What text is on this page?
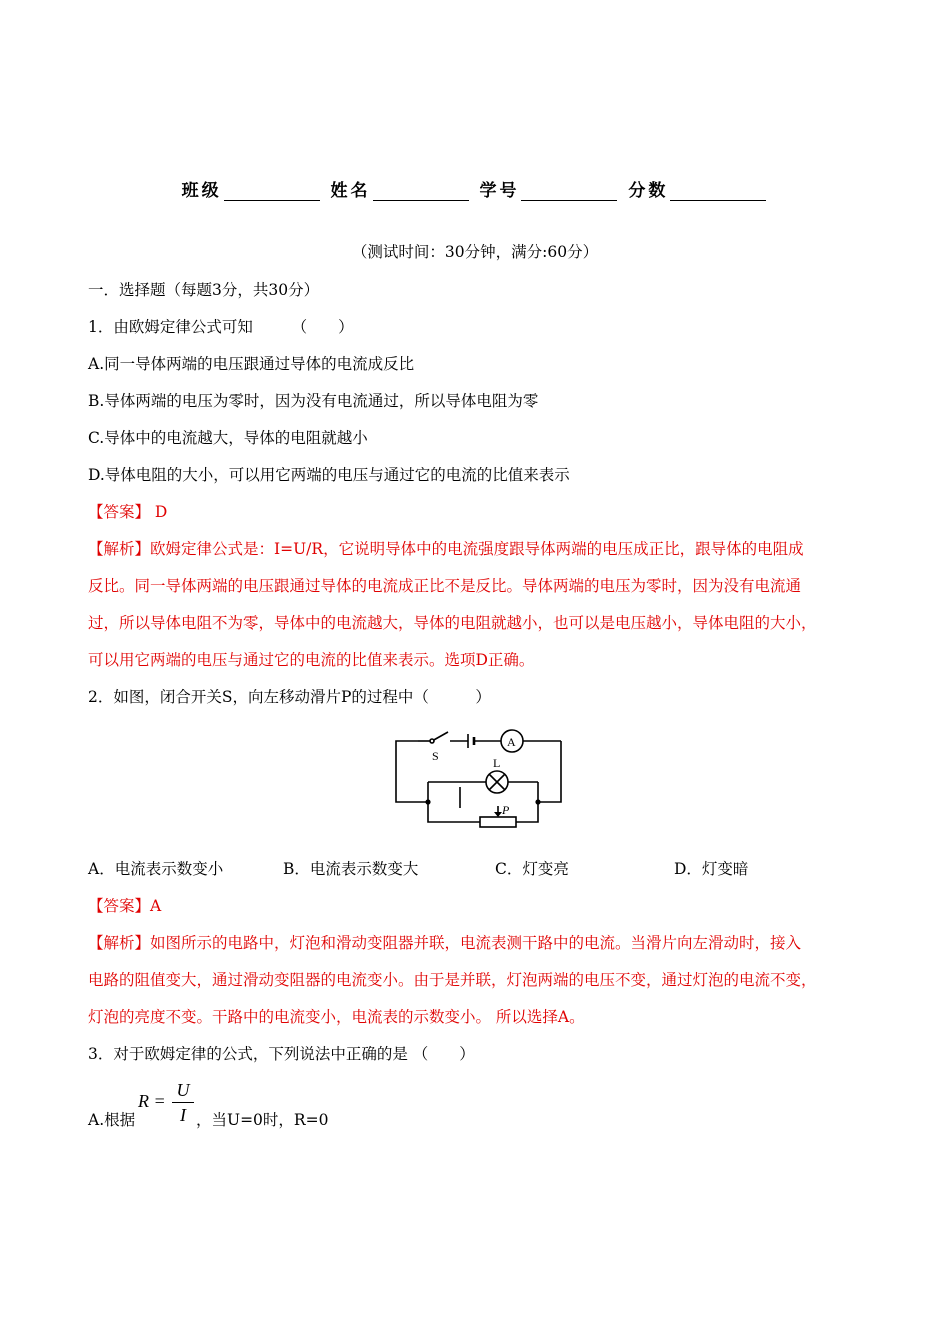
班级	姓名	学号	分数
（测试时间：30分钟，满分:60分）
一．选择题（每题3分，共30分）
1．由欧姆定律公式可知　　　（　　）
A.同一导体两端的电压跟通过导体的电流成反比
B.导体两端的电压为零时，因为没有电流通过，所以导体电阻为零
C.导体中的电流越大，导体的电阻就越小
D.导体电阻的大小，可以用它两端的电压与通过它的电流的比值来表示
【答案】 D
【解析】欧姆定律公式是：I=U/R，它说明导体中的电流强度跟导体两端的电压成正比，跟导体的电阻成
反比。同一导体两端的电压跟通过导体的电流成正比不是反比。导体两端的电压为零时，因为没有电流通
过，所以导体电阻不为零，导体中的电流越大，导体的电阻就越小，也可以是电压越小，导体电阻的大小，
可以用它两端的电压与通过它的电流的比值来表示。选项D正确。
2．如图，闭合开关S，向左移动滑片P的过程中（　　　）
S
A
L
P
A．电流表示数变小	B．电流表示数变大	C．灯变亮	D．灯变暗
【答案】A
【解析】如图所示的电路中，灯泡和滑动变阻器并联，电流表测干路中的电流。当滑片向左滑动时，接入
电路的阻值变大，通过滑动变阻器的电流变小。由于是并联，灯泡两端的电压不变，通过灯泡的电流不变，
灯泡的亮度不变。干路中的电流变小，电流表的示数变小。 所以选择A。
3．对于欧姆定律的公式，下列说法中正确的是 （　　）
A.根据
R =
U
I ，当U=0时，R=0
